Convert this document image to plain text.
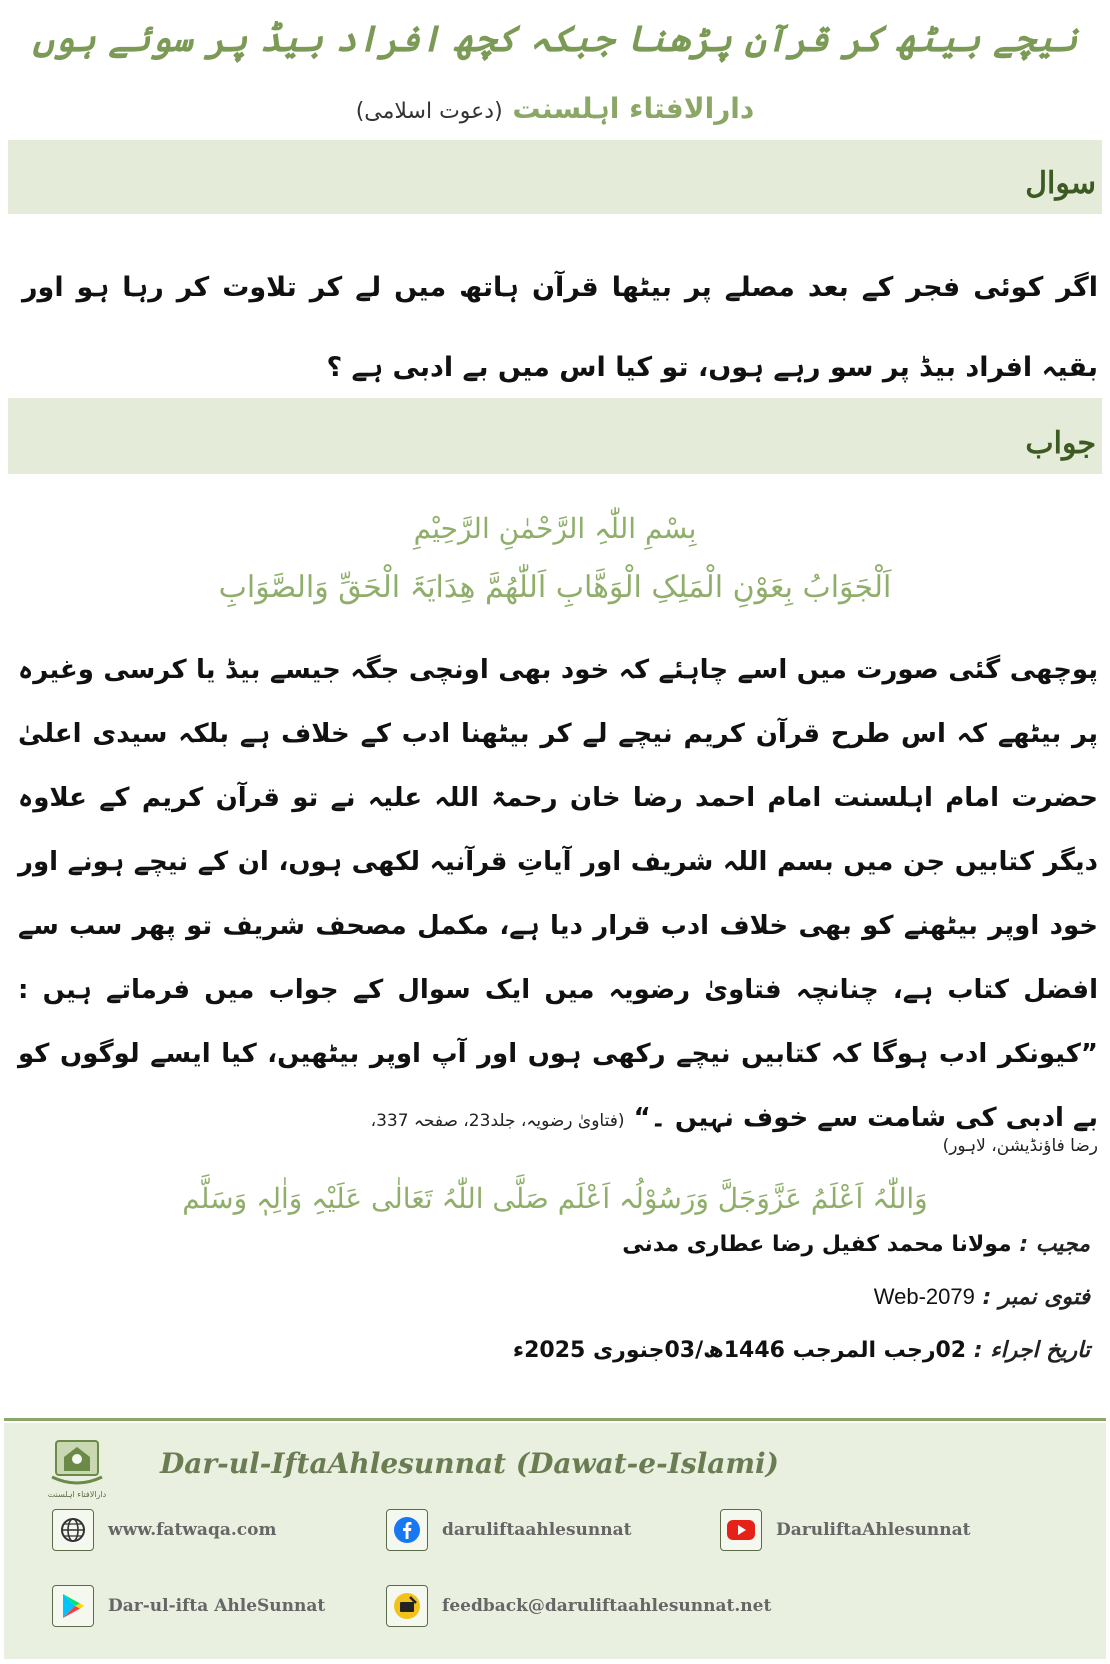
نیچے بیٹھ کر قرآن پڑھنا جبکہ کچھ افراد بیڈ پر سوئے ہوں
دارالافتاء اہلسنت (دعوت اسلامی)
سوال
اگر کوئی فجر کے بعد مصلے پر بیٹھا قرآن ہاتھ میں لے کر تلاوت کر رہا ہو اور بقیہ افراد بیڈ پر سو رہے ہوں، تو کیا اس میں بے ادبی ہے ؟
جواب
بِسْمِ اللّٰہِ الرَّحْمٰنِ الرَّحِیْمِ
اَلْجَوَابُ بِعَوْنِ الْمَلِکِ الْوَھَّابِ اَللّٰھُمَّ ھِدَایَۃَ الْحَقِّ وَالصَّوَابِ
پوچھی گئی صورت میں اسے چاہئے کہ خود بھی اونچی جگہ جیسے بیڈ یا کرسی وغیرہ پر بیٹھے کہ اس طرح قرآن کریم نیچے لے کر بیٹھنا ادب کے خلاف ہے بلکہ سیدی اعلیٰ حضرت امام اہلسنت امام احمد رضا خان رحمۃ اللہ علیہ نے تو قرآن کریم کے علاوہ دیگر کتابیں جن میں بسم اللہ شریف اور آیاتِ قرآنیہ لکھی ہوں، ان کے نیچے ہونے اور خود اوپر بیٹھنے کو بھی خلاف ادب قرار دیا ہے، مکمل مصحف شریف تو پھر سب سے افضل کتاب ہے، چنانچہ فتاویٰ رضویہ میں ایک سوال کے جواب میں فرماتے ہیں : ”کیونکر ادب ہوگا کہ کتابیں نیچے رکھی ہوں اور آپ اوپر بیٹھیں، کیا ایسے لوگوں کو بے ادبی کی شامت سے خوف نہیں ۔“ (فتاویٰ رضویہ، جلد23، صفحہ 337،
رضا فاؤنڈیشن، لاہور)
وَاللّٰہُ اَعْلَمُ عَزَّوَجَلَّ وَرَسُوْلُہ اَعْلَم صَلَّی اللّٰہُ تَعَالٰی عَلَیْہِ وَاٰلِہٖ وَسَلَّم
مجیب : مولانا محمد کفیل رضا عطاری مدنی
فتوی نمبر : Web-2079
تاریخ اجراء : 02رجب المرجب 1446ھ/03جنوری 2025ء
دارالافتاء اہلسنت
Dar-ul-IftaAhlesunnat (Dawat-e-Islami)
www.fatwaqa.com	daruliftaahlesunnat	DaruliftaAhlesunnat
Dar-ul-ifta AhleSunnat	feedback@daruliftaahlesunnat.net
